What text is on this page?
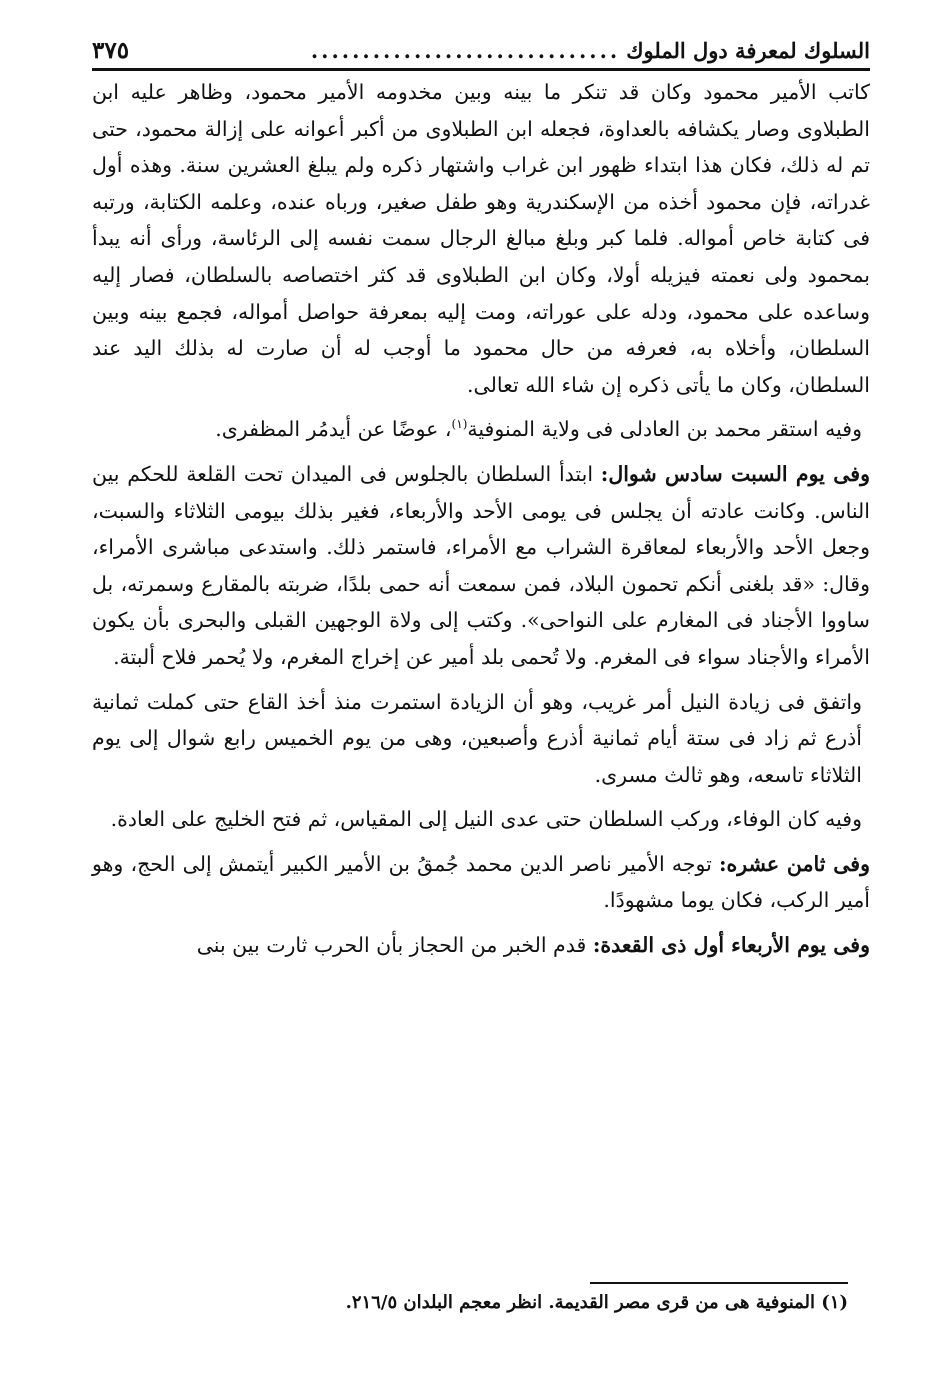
السلوك لمعرفة دول الملوك
..............................
٣٧٥

كاتب الأمير محمود وكان قد تنكر ما بينه وبين مخدومه الأمير محمود، وظاهر عليه ابن الطبلاوى وصار يكشافه بالعداوة، فجعله ابن الطبلاوى من أكبر أعوانه على إزالة محمود، حتى تم له ذلك، فكان هذا ابتداء ظهور ابن غراب واشتهار ذكره ولم يبلغ العشرين سنة. وهذه أول غدراته، فإن محمود أخذه من الإسكندرية وهو طفل صغير، ورباه عنده، وعلمه الكتابة، ورتبه فى كتابة خاص أمواله. فلما كبر وبلغ مبالغ الرجال سمت نفسه إلى الرئاسة، ورأى أنه يبدأ بمحمود ولى نعمته فيزيله أولا، وكان ابن الطبلاوى قد كثر اختصاصه بالسلطان، فصار إليه وساعده على محمود، ودله على عوراته، ومت إليه بمعرفة حواصل أمواله، فجمع بينه وبين السلطان، وأخلاه به، فعرفه من حال محمود ما أوجب له أن صارت له بذلك اليد عند السلطان، وكان ما يأتى ذكره إن شاء الله تعالى.

وفيه استقر محمد بن العادلى فى ولاية المنوفية$^{(١)}$، عوضًا عن أيدمُر المظفرى.

وفى يوم السبت سادس شوال: ابتدأ السلطان بالجلوس فى الميدان تحت القلعة للحكم بين الناس. وكانت عادته أن يجلس فى يومى الأحد والأربعاء، فغير بذلك بيومى الثلاثاء والسبت، وجعل الأحد والأربعاء لمعاقرة الشراب مع الأمراء، فاستمر ذلك. واستدعى مباشرى الأمراء، وقال: «قد بلغنى أنكم تحمون البلاد، فمن سمعت أنه حمى بلدًا، ضربته بالمقارع وسمرته، بل ساووا الأجناد فى المغارم على النواحى». وكتب إلى ولاة الوجهين القبلى والبحرى بأن يكون الأمراء والأجناد سواء فى المغرم. ولا تُحمى بلد أمير عن إخراج المغرم، ولا يُحمر فلاح ألبتة.

واتفق فى زيادة النيل أمر غريب، وهو أن الزيادة استمرت منذ أخذ القاع حتى كملت ثمانية أذرع ثم زاد فى ستة أيام ثمانية أذرع وأصبعين، وهى من يوم الخميس رابع شوال إلى يوم الثلاثاء تاسعه، وهو ثالث مسرى.

وفيه كان الوفاء، وركب السلطان حتى عدى النيل إلى المقياس، ثم فتح الخليج على العادة.

وفى ثامن عشره: توجه الأمير ناصر الدين محمد جُمقُ بن الأمير الكبير أيتمش إلى الحج، وهو أمير الركب، فكان يوما مشهودًا.

وفى يوم الأربعاء أول ذى القعدة: قدم الخبر من الحجاز بأن الحرب ثارت بين بنى

(١) المنوفية هى من قرى مصر القديمة. انظر معجم البلدان ٢١٦/٥.
